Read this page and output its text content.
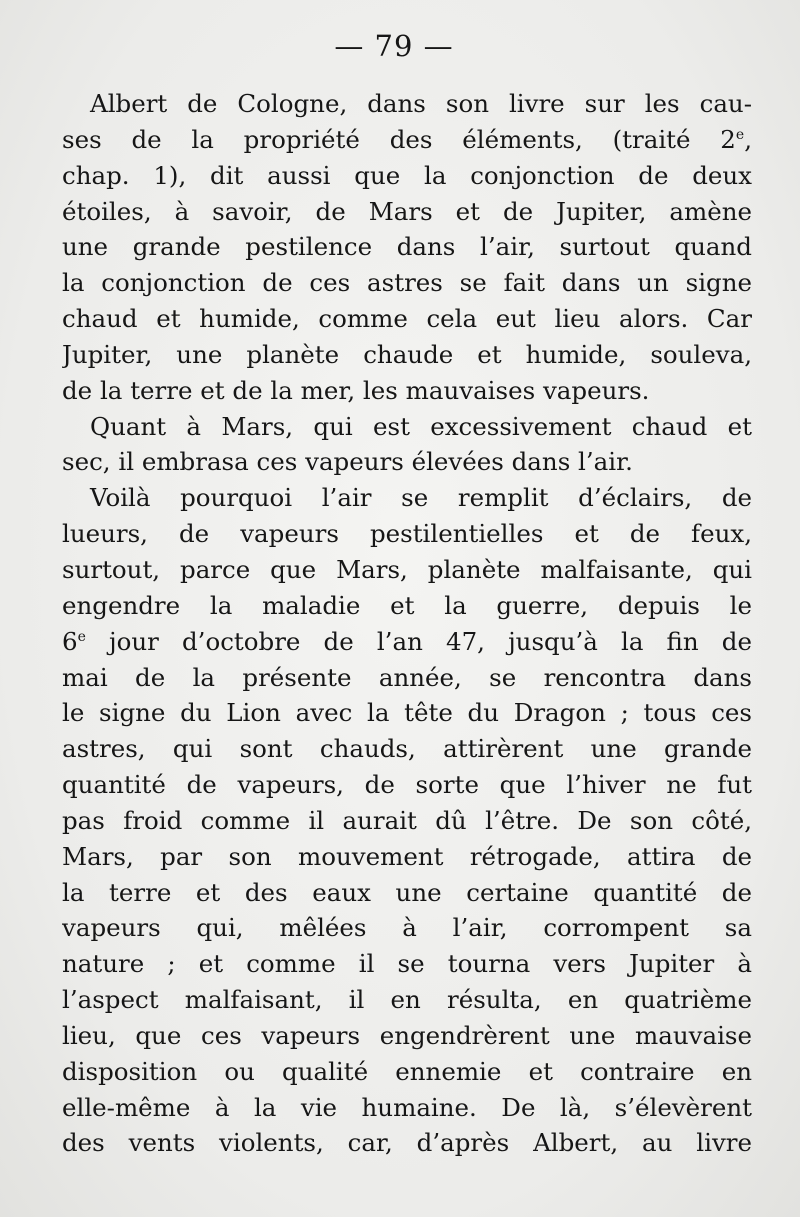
— 79 —
Albert de Cologne, dans son livre sur les cau-
ses de la propriété des éléments, (traité 2e,
chap. 1), dit aussi que la conjonction de deux
étoiles, à savoir, de Mars et de Jupiter, amène
une grande pestilence dans l’air, surtout quand
la conjonction de ces astres se fait dans un signe
chaud et humide, comme cela eut lieu alors. Car
Jupiter, une planète chaude et humide, souleva,
de la terre et de la mer, les mauvaises vapeurs.
Quant à Mars, qui est excessivement chaud et
sec, il embrasa ces vapeurs élevées dans l’air.
Voilà pourquoi l’air se remplit d’éclairs, de
lueurs, de vapeurs pestilentielles et de feux,
surtout, parce que Mars, planète malfaisante, qui
engendre la maladie et la guerre, depuis le
6e jour d’octobre de l’an 47, jusqu’à la fin de
mai de la présente année, se rencontra dans
le signe du Lion avec la tête du Dragon ; tous ces
astres, qui sont chauds, attirèrent une grande
quantité de vapeurs, de sorte que l’hiver ne fut
pas froid comme il aurait dû l’être. De son côté,
Mars, par son mouvement rétrogade, attira de
la terre et des eaux une certaine quantité de
vapeurs qui, mêlées à l’air, corrompent sa
nature ; et comme il se tourna vers Jupiter à
l’aspect malfaisant, il en résulta, en quatrième
lieu, que ces vapeurs engendrèrent une mauvaise
disposition ou qualité ennemie et contraire en
elle-même à la vie humaine. De là, s’élevèrent
des vents violents, car, d’après Albert, au livre
